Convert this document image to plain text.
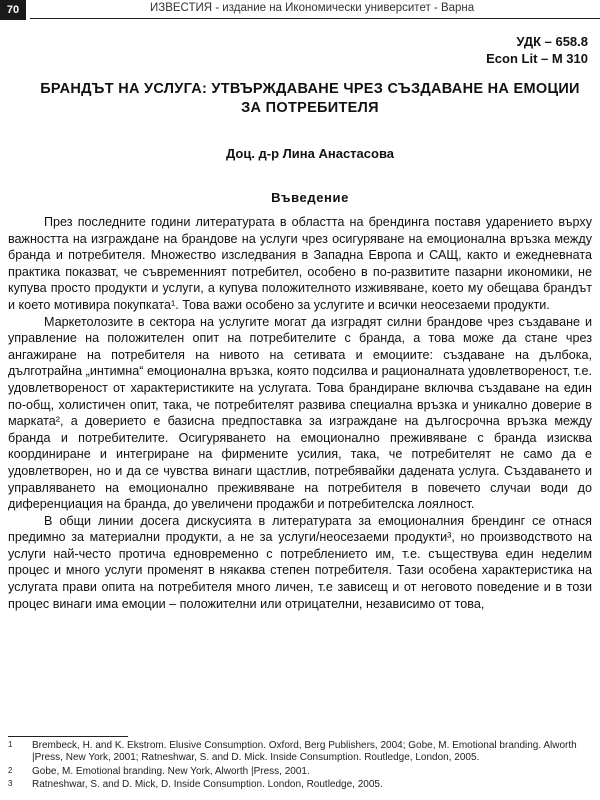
70	ИЗВЕСТИЯ - издание на Икономически университет - Варна
УДК – 658.8
Econ Lit – M 310
БРАНДЪТ НА УСЛУГА: УТВЪРЖДАВАНЕ ЧРЕЗ СЪЗДАВАНЕ НА ЕМОЦИИ ЗА ПОТРЕБИТЕЛЯ
Доц. д-р Лина Анастасова
Въведение

През последните години литературата в областта на брендинга поставя ударението върху важността на изграждане на брандове на услуги чрез осигуряване на емоционална връзка между бранда и потребителя. Множество изследвания в Западна Европа и САЩ, както и ежедневната практика показват, че съвременният потребител, особено в по-развитите пазарни икономики, не купува просто продукти и услуги, а купува положителното изживяване, което му обещава брандът и което мотивира покупката¹. Това важи особено за услугите и всички неосезаеми продукти.

Маркетолозите в сектора на услугите могат да изградят силни брандове чрез създаване и управление на положителен опит на потребителите с бранда, а това може да стане чрез ангажиране на потребителя на нивото на сетивата и емоциите: създаване на дълбока, дълготрайна „интимна“ емоционална връзка, която подсилва и рационалната удовлетвореност, т.е. удовлетвореност от характеристиките на услугата. Това брандиране включва създаване на един по-общ, холистичен опит, така, че потребителят развива специална връзка и уникално доверие в марката², а доверието е базисна предпоставка за изграждане на дългосрочна връзка между бранда и потребителите. Осигуряването на емоционално преживяване с бранда изисква координиране и интегриране на фирмените усилия, така, че потребителят не само да е удовлетворен, но и да се чувства винаги щастлив, потребявайки дадената услуга. Създаването и управляването на емоционално преживяване на потребителя в повечето случаи води до диференциация на бранда, до увеличени продажби и потребителска лоялност.

В общи линии досега дискусията в литературата за емоционалния брендинг се отнася предимно за материални продукти, а не за услуги/неосезаеми продукти³, но производството на услуги най-често протича едновременно с потреблението им, т.е. съществува един неделим процес и много услуги променят в някаква степен потребителя. Тази особена характеристика на услугата прави опита на потребителя много личен, т.е зависещ и от неговото поведение и в този процес винаги има емоции – положителни или отрицателни, независимо от това,

1 Brembeck, H. and K. Ekstrom. Elusive Consumption. Oxford, Berg Publishers, 2004; Gobe, M. Emotional branding. Alworth |Press, New York, 2001; Ratneshwar, S. and D. Mick. Inside Consumption. Routledge, London, 2005.
2 Gobe, M. Emotional branding. New York, Alworth |Press, 2001.
3 Ratneshwar, S. and D. Mick, D. Inside Consumption. London, Routledge, 2005.
